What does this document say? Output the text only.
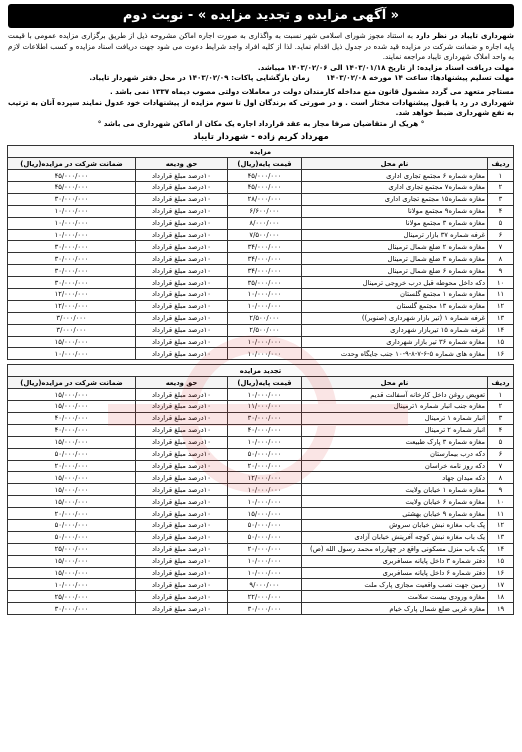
« آگهی مزایده و تجدید مزایده » - نوبت دوم

شهرداری تایباد در نظر دارد به استناد مجوز شورای اسلامی شهر نسبت به واگذاری به صورت اجاره اماکن مشروحه ذیل از طریق برگزاری مزایده عمومی با قیمت پایه اجاره و ضمانت شرکت در مزایده قید شده در جدول ذیل اقدام نماید. لذا از کلیه افراد واجد شرایط دعوت می شود جهت دریافت اسناد مزایده و کسب اطلاعات لازم به واحد املاک شهرداری تایباد مراجعه نمایند.

مهلت دریافت اسناد مزایده: از تاریخ ۱۴۰۳/۰۱/۱۸ الی ۱۴۰۳/۰۲/۰۶ میباشد.
مهلت تسلیم پیشنهادها: ساعت ۱۴ مورخه ۱۴۰۳/۰۲/۰۸ زمان بازگشایی پاکات: ۱۴۰۳/۰۲/۰۹ در محل دفتر شهردار تایباد.

مستاجر متعهد می گردد مشمول قانون منع مداخله کارمندان دولت در معاملات دولتی مصوب دیماه ۱۳۳۷ نمی باشد .

شهرداری در رد یا قبول پیشنهادات مختار است . و در صورتی که برندگان اول تا سوم مزایده از پیشنهادات خود عدول نمایند سپرده آنان به ترتیب به نفع شهرداری ضبط خواهد شد.

° هریک از متقاضیان صرفا مجاز به عقد قرارداد اجاره یک مکان از اماکن شهرداری می باشد °

مهرداد کریم زاده - شهردار تایباد
مزایده				
ردیف	نام محل	قیمت پایه(ریال)	حق ودیعه	ضمانت شرکت در مزایده(ریال)
۱	مغازه شماره ۶ مجتمع تجاری اداری	۴۵/۰۰۰/۰۰۰	۱۰درصد مبلغ قرارداد	۴۵/۰۰۰/۰۰۰
۲	مغازه شماره۷ مجتمع تجاری اداری	۴۵/۰۰۰/۰۰۰	۱۰درصد مبلغ قرارداد	۴۵/۰۰۰/۰۰۰
۳	مغازه شماره۱۵ مجتمع تجاری اداری	۲۸/۰۰۰/۰۰۰	۱۰درصد مبلغ قرارداد	۳۰/۰۰۰/۰۰۰
۴	مغازه شماره۹ مجتمع مولانا	۶/۶۰۰/۰۰۰	۱۰درصد مبلغ قرارداد	۱۰/۰۰۰/۰۰۰
۵	مغازه شماره ۳ مجتمع مولانا	۸/۰۰۰/۰۰۰	۱۰درصد مبلغ قرارداد	۱۰/۰۰۰/۰۰۰
۶	غرفه شماره ۳۷ بازار ترمینال	۷/۵۰۰/۰۰۰	۱۰درصد مبلغ قرارداد	۱۰/۰۰۰/۰۰۰
۷	مغازه شماره ۲ ضلع شمال ترمینال	۳۴/۰۰۰/۰۰۰	۱۰درصد مبلغ قرارداد	۳۰/۰۰۰/۰۰۰
۸	مغازه شماره ۳ ضلع شمال ترمینال	۳۴/۰۰۰/۰۰۰	۱۰درصد مبلغ قرارداد	۳۰/۰۰۰/۰۰۰
۹	مغازه شماره ۶ ضلع شمال ترمینال	۳۴/۰۰۰/۰۰۰	۱۰درصد مبلغ قرارداد	۳۰/۰۰۰/۰۰۰
۱۰	دکه داخل محوطه قبل درب خروجی ترمینال	۳۵/۰۰۰/۰۰۰	۱۰درصد مبلغ قرارداد	۳۰/۰۰۰/۰۰۰
۱۱	مغازه شماره ۱ مجتمع گلستان	۱۰/۰۰۰/۰۰۰	۱۰درصد مبلغ قرارداد	۱۲/۰۰۰/۰۰۰
۱۲	مغازه شماره ۱۳ مجتمع گلستان	۱۰/۰۰۰/۰۰۰	۱۰درصد مبلغ قرارداد	۱۲/۰۰۰/۰۰۰
۱۳	غرفه شماره ۱ (تیر بازار شهرداری (صنوبر))	۲/۵۰۰/۰۰۰	۱۰درصد مبلغ قرارداد	۳/۰۰۰/۰۰۰
۱۴	غرفه شماره ۱۵ تیربازار شهرداری	۲/۵۰۰/۰۰۰	۱۰درصد مبلغ قرارداد	۳/۰۰۰/۰۰۰
۱۵	مغازه شماره ۳۶ تیر بازار شهرداری	۱۰/۰۰۰/۰۰۰	۱۰درصد مبلغ قرارداد	۱۵/۰۰۰/۰۰۰
۱۶	مغازه های شماره ۵-۶-۷-۸-۹-۱۰ جنب جایگاه وحدت	۱۰/۰۰۰/۰۰۰	۱۰درصد مبلغ قرارداد	۱۰/۰۰۰/۰۰۰

تجدید مزایده				
ردیف	نام محل	قیمت پایه(ریال)	حق ودیعه	ضمانت شرکت در مزایده(ریال)
۱	تعویض روغن داخل کارخانه آسفالت قدیم	۱۰/۰۰۰/۰۰۰	۱۰درصد مبلغ قرارداد	۱۵/۰۰۰/۰۰۰
۲	مغازه جنب انبار شماره ۱ترمینال	۱۱/۰۰۰/۰۰۰	۱۰درصد مبلغ قرارداد	۱۵/۰۰۰/۰۰۰
۳	انبار شماره ۱ ترمینال	۳۰/۰۰۰/۰۰۰	۱۰درصد مبلغ قرارداد	۴۰/۰۰۰/۰۰۰
۴	انبار شماره ۲ ترمینال	۴۰/۰۰۰/۰۰۰	۱۰درصد مبلغ قرارداد	۴۰/۰۰۰/۰۰۰
۵	مغازه شماره ۳ پارک طبیعت	۱۰/۰۰۰/۰۰۰	۱۰درصد مبلغ قرارداد	۱۵/۰۰۰/۰۰۰
۶	دکه درب بیمارستان	۵۰/۰۰۰/۰۰۰	۱۰درصد مبلغ قرارداد	۵۰/۰۰۰/۰۰۰
۷	دکه روز نامه خراسان	۲۰/۰۰۰/۰۰۰	۱۰درصد مبلغ قرارداد	۲۰/۰۰۰/۰۰۰
۸	دکه میدان جهاد	۱۲/۰۰۰/۰۰۰	۱۰درصد مبلغ قرارداد	۱۵/۰۰۰/۰۰۰
۹	مغازه شماره ۱ خیابان ولایت	۱۰/۰۰۰/۰۰۰	۱۰درصد مبلغ قرارداد	۱۵/۰۰۰/۰۰۰
۱۰	مغازه شماره ۶ خیابان ولایت	۱۰/۰۰۰/۰۰۰	۱۰درصد مبلغ قرارداد	۱۵/۰۰۰/۰۰۰
۱۱	مغازه شماره ۹ خیابان بهشتی	۱۵/۰۰۰/۰۰۰	۱۰درصد مبلغ قرارداد	۲۰/۰۰۰/۰۰۰
۱۲	پک باب مغازه نبش خیابان سروش	۵۰/۰۰۰/۰۰۰	۱۰درصد مبلغ قرارداد	۵۰/۰۰۰/۰۰۰
۱۳	یک باب مغازه نبش کوچه آفرینش خیابان آزادی	۵۰/۰۰۰/۰۰۰	۱۰درصد مبلغ قرارداد	۵۰/۰۰۰/۰۰۰
۱۴	یک باب منزل مسکونی واقع در چهارراه محمد رسول الله (ص)	۲۰/۰۰۰/۰۰۰	۱۰درصد مبلغ قرارداد	۲۵/۰۰۰/۰۰۰
۱۵	دفتر شماره ۳ داخل پایانه مسافربری	۱۰/۰۰۰/۰۰۰	۱۰درصد مبلغ قرارداد	۱۵/۰۰۰/۰۰۰
۱۶	دفتر شماره ۶ داخل پایانه مسافربری	۱۰/۰۰۰/۰۰۰	۱۰درصد مبلغ قرارداد	۱۵/۰۰۰/۰۰۰
۱۷	زمین جهت نصب واقعیت مجازی پارک ملت	۹/۰۰۰/۰۰۰	۱۰درصد مبلغ قرارداد	۱۰/۰۰۰/۰۰۰
۱۸	مغازه ورودی بیست سلامت	۲۲/۰۰۰/۰۰۰	۱۰درصد مبلغ قرارداد	۲۵/۰۰۰/۰۰۰
۱۹	مغازه غربی ضلع شمال پارک خیام	۳۰/۰۰۰/۰۰۰	۱۰درصد مبلغ قرارداد	۳۰/۰۰۰/۰۰۰
